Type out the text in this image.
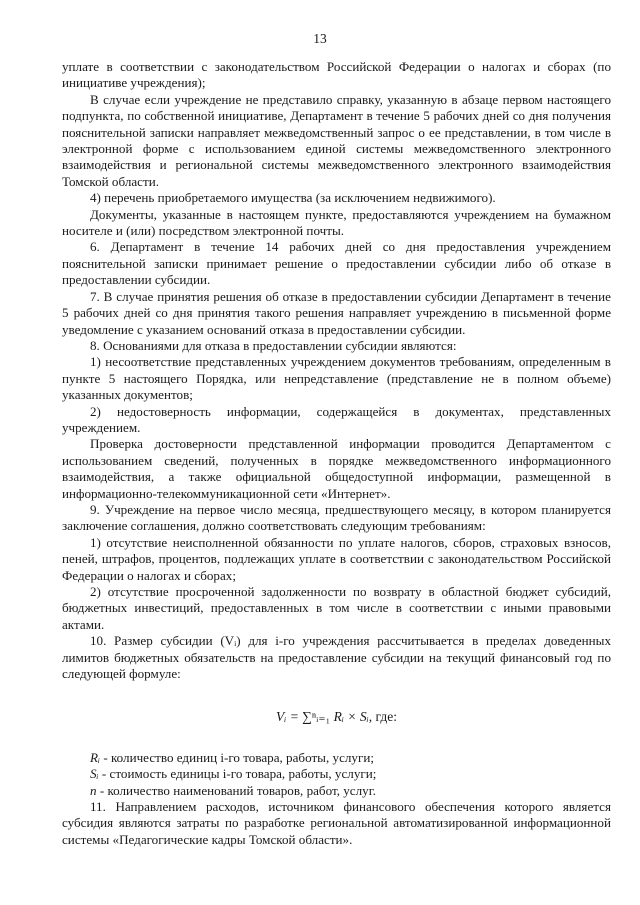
13

уплате в соответствии с законодательством Российской Федерации о налогах и сборах (по инициативе учреждения);

В случае если учреждение не представило справку, указанную в абзаце первом настоящего подпункта, по собственной инициативе, Департамент в течение 5 рабочих дней со дня получения пояснительной записки направляет межведомственный запрос о ее представлении, в том числе в электронной форме с использованием единой системы межведомственного электронного взаимодействия и региональной системы межведомственного электронного взаимодействия Томской области.

4) перечень приобретаемого имущества (за исключением недвижимого).

Документы, указанные в настоящем пункте, предоставляются учреждением на бумажном носителе и (или) посредством электронной почты.

6. Департамент в течение 14 рабочих дней со дня предоставления учреждением пояснительной записки принимает решение о предоставлении субсидии либо об отказе в предоставлении субсидии.

7. В случае принятия решения об отказе в предоставлении субсидии Департамент в течение 5 рабочих дней со дня принятия такого решения направляет учреждению в письменной форме уведомление с указанием оснований отказа в предоставлении субсидии.

8. Основаниями для отказа в предоставлении субсидии являются:

1) несоответствие представленных учреждением документов требованиям, определенным в пункте 5 настоящего Порядка, или непредставление (представление не в полном объеме) указанных документов;

2) недостоверность информации, содержащейся в документах, представленных учреждением.

Проверка достоверности представленной информации проводится Департаментом с использованием сведений, полученных в порядке межведомственного информационного взаимодействия, а также официальной общедоступной информации, размещенной в информационно-телекоммуникационной сети «Интернет».

9. Учреждение на первое число месяца, предшествующего месяцу, в котором планируется заключение соглашения, должно соответствовать следующим требованиям:

1) отсутствие неисполненной обязанности по уплате налогов, сборов, страховых взносов, пеней, штрафов, процентов, подлежащих уплате в соответствии с законодательством Российской Федерации о налогах и сборах;

2) отсутствие просроченной задолженности по возврату в областной бюджет субсидий, бюджетных инвестиций, предоставленных в том числе в соответствии с иными правовыми актами.

10. Размер субсидии (Vᵢ) для i-го учреждения рассчитывается в пределах доведенных лимитов бюджетных обязательств на предоставление субсидии на текущий финансовый год по следующей формуле:

Vᵢ = ∑ⁿᵢ₌₁ Rᵢ × Sᵢ, где:

Rᵢ - количество единиц i-го товара, работы, услуги;

Sᵢ - стоимость единицы i-го товара, работы, услуги;

n - количество наименований товаров, работ, услуг.

11. Направлением расходов, источником финансового обеспечения которого является субсидия являются затраты по разработке региональной автоматизированной информационной системы «Педагогические кадры Томской области».
